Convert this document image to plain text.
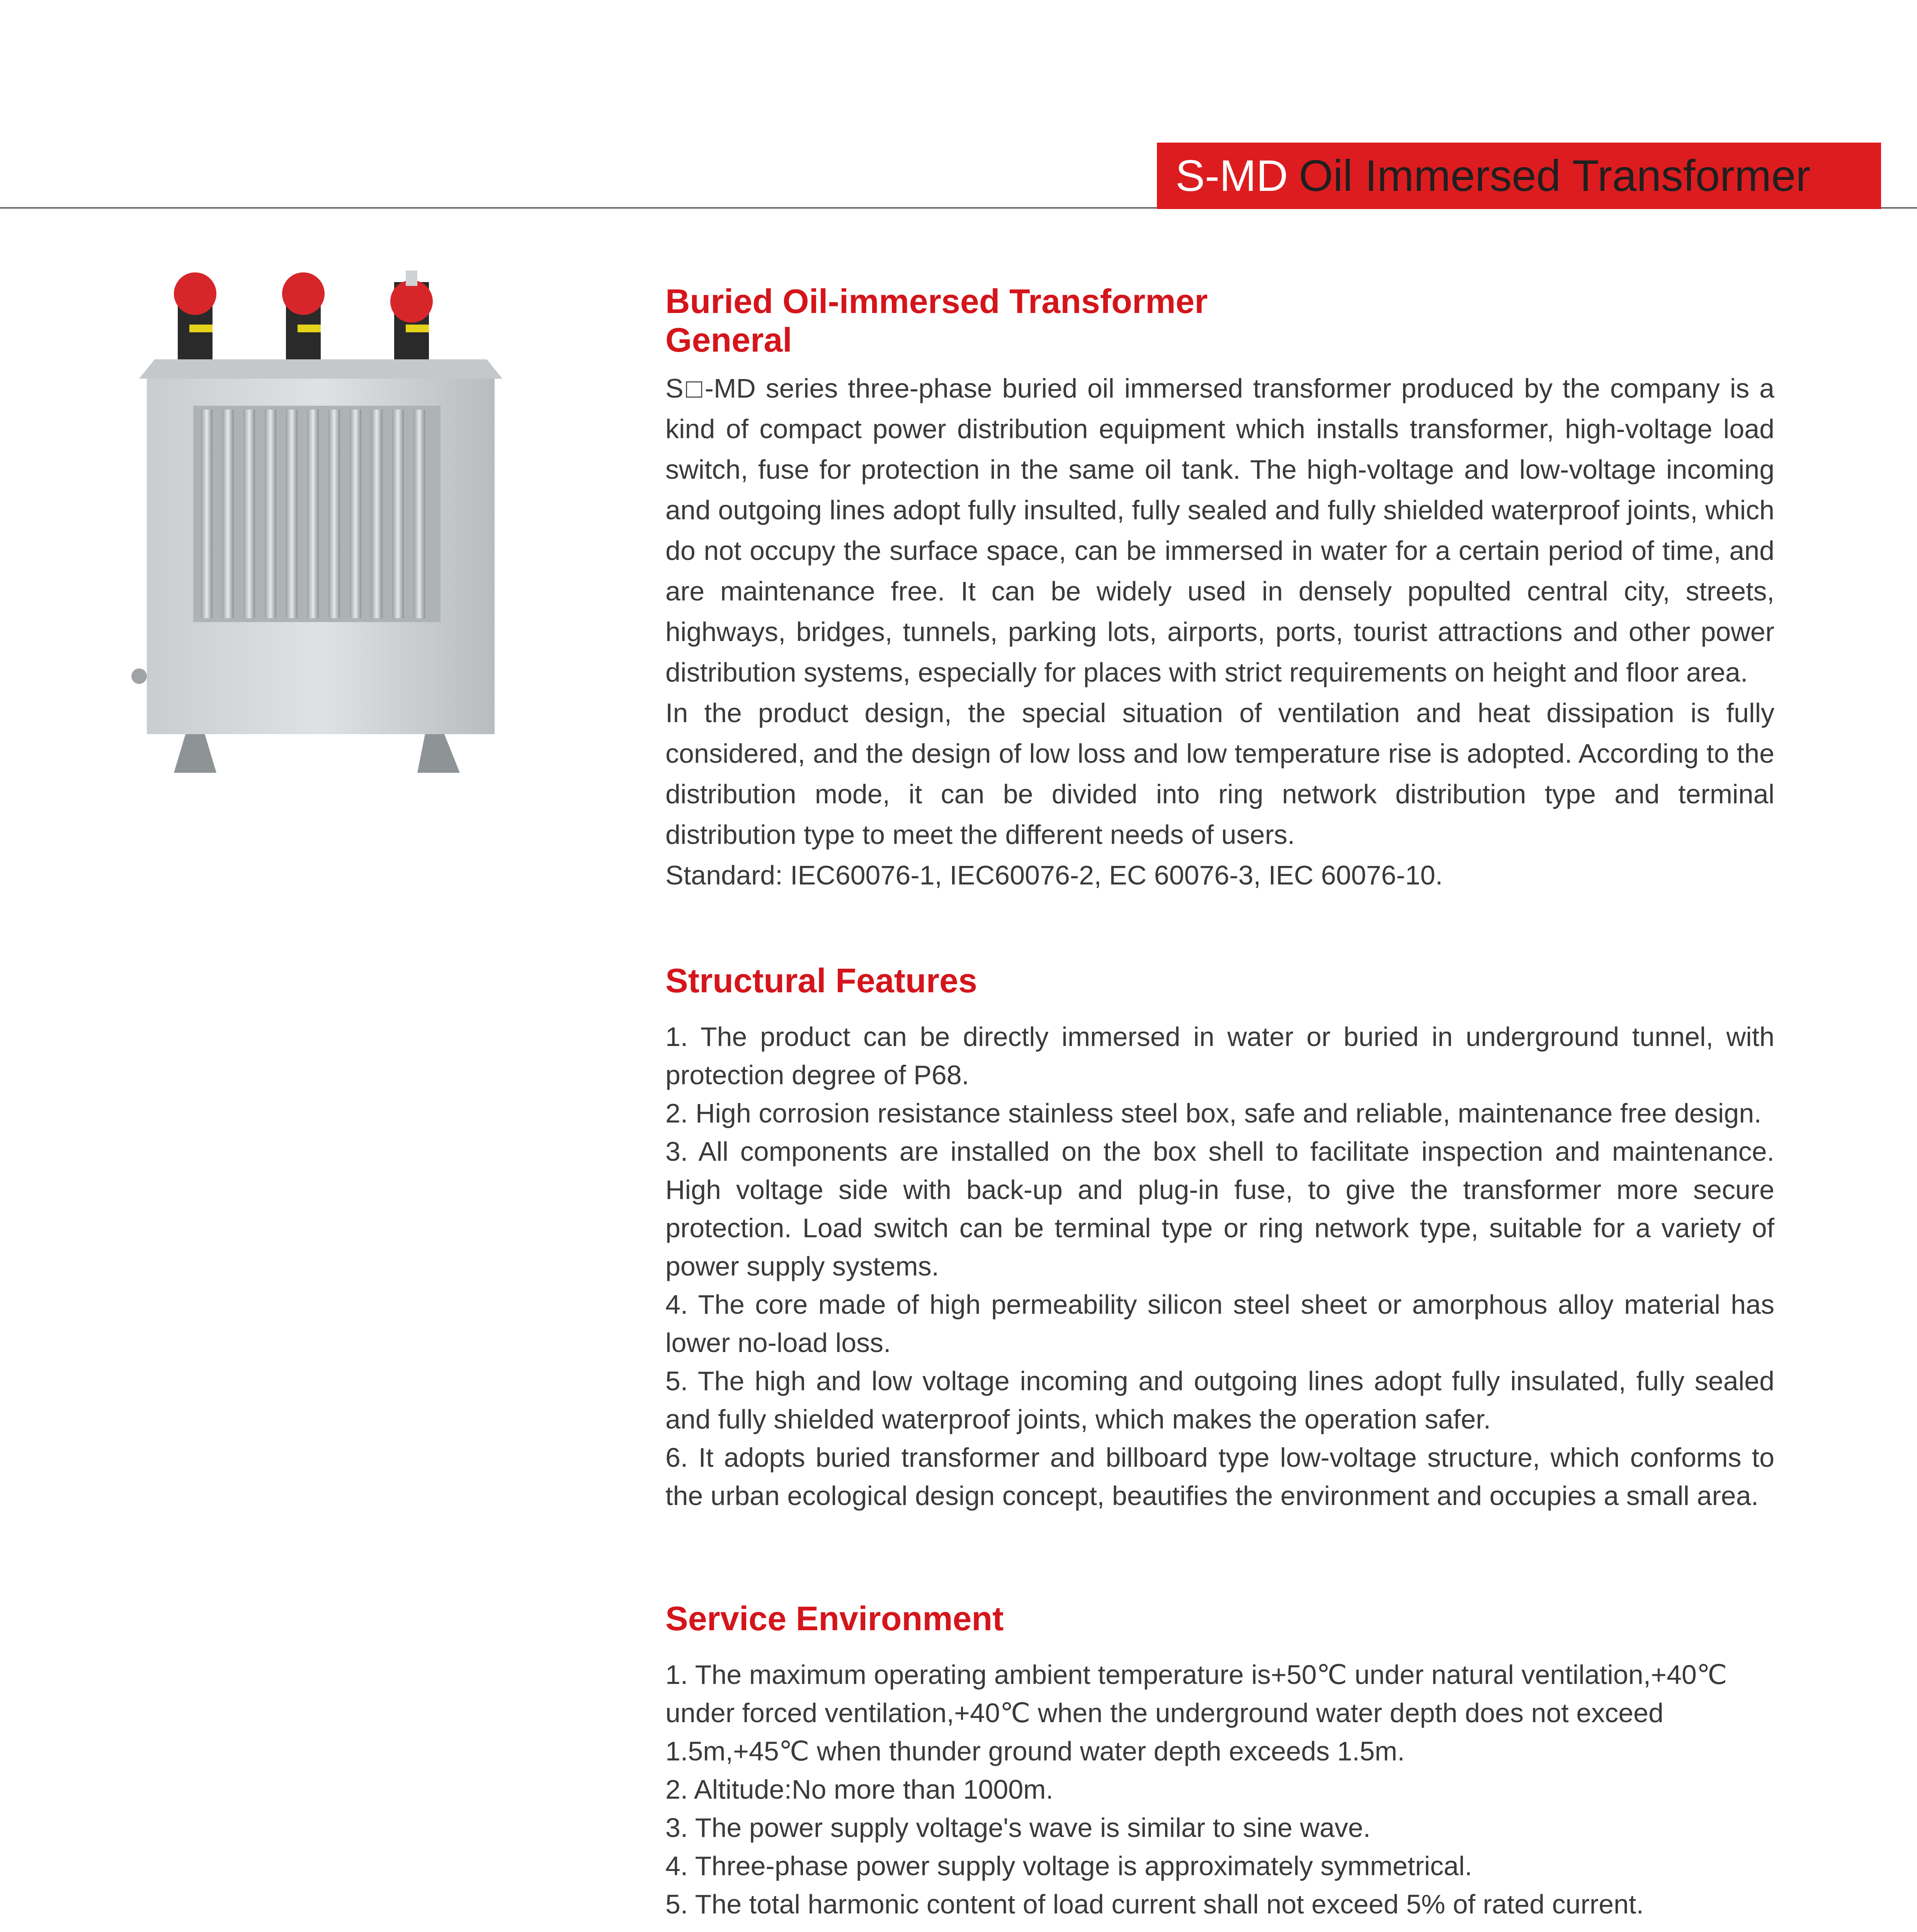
S-MD Oil Immersed Transformer
Buried Oil-immersed Transformer
General

S□-MD series three-phase buried oil immersed transformer produced by the company is a kind of compact power distribution equipment which installs transformer, high-voltage load switch, fuse for protection in the same oil tank. The high-voltage and low-voltage incoming and outgoing lines adopt fully insulted, fully sealed and fully shielded waterproof joints, which do not occupy the surface space, can be immersed in water for a certain period of time, and are maintenance free. It can be widely used in densely populted central city, streets, highways, bridges, tunnels, parking lots, airports, ports, tourist attractions and other power distribution systems, especially for places with strict requirements on height and floor area.

In the product design, the special situation of ventilation and heat dissipation is fully considered, and the design of low loss and low temperature rise is adopted. According to the distribution mode, it can be divided into ring network distribution type and terminal distribution type to meet the different needs of users.

Standard: IEC60076-1, IEC60076-2, EC 60076-3, IEC 60076-10.

Structural Features

1. The product can be directly immersed in water or buried in underground tunnel, with protection degree of P68.

2. High corrosion resistance stainless steel box, safe and reliable, maintenance free design.

3. All components are installed on the box shell to facilitate inspection and maintenance. High voltage side with back-up and plug-in fuse, to give the transformer more secure protection. Load switch can be terminal type or ring network type, suitable for a variety of power supply systems.

4. The core made of high permeability silicon steel sheet or amorphous alloy material has lower no-load loss.

5. The high and low voltage incoming and outgoing lines adopt fully insulated, fully sealed and fully shielded waterproof joints, which makes the operation safer.

6. It adopts buried transformer and billboard type low-voltage structure, which conforms to the urban ecological design concept, beautifies the environment and occupies a small area.

Service Environment

1. The maximum operating ambient temperature is+50℃ under natural ventilation,+40℃ under forced ventilation,+40℃ when the underground water depth does not exceed 1.5m,+45℃ when thunder ground water depth exceeds 1.5m.

2. Altitude:No more than 1000m.

3. The power supply voltage's wave is similar to sine wave.

4. Three-phase power supply voltage is approximately symmetrical.

5. The total harmonic content of load current shall not exceed 5% of rated current.
